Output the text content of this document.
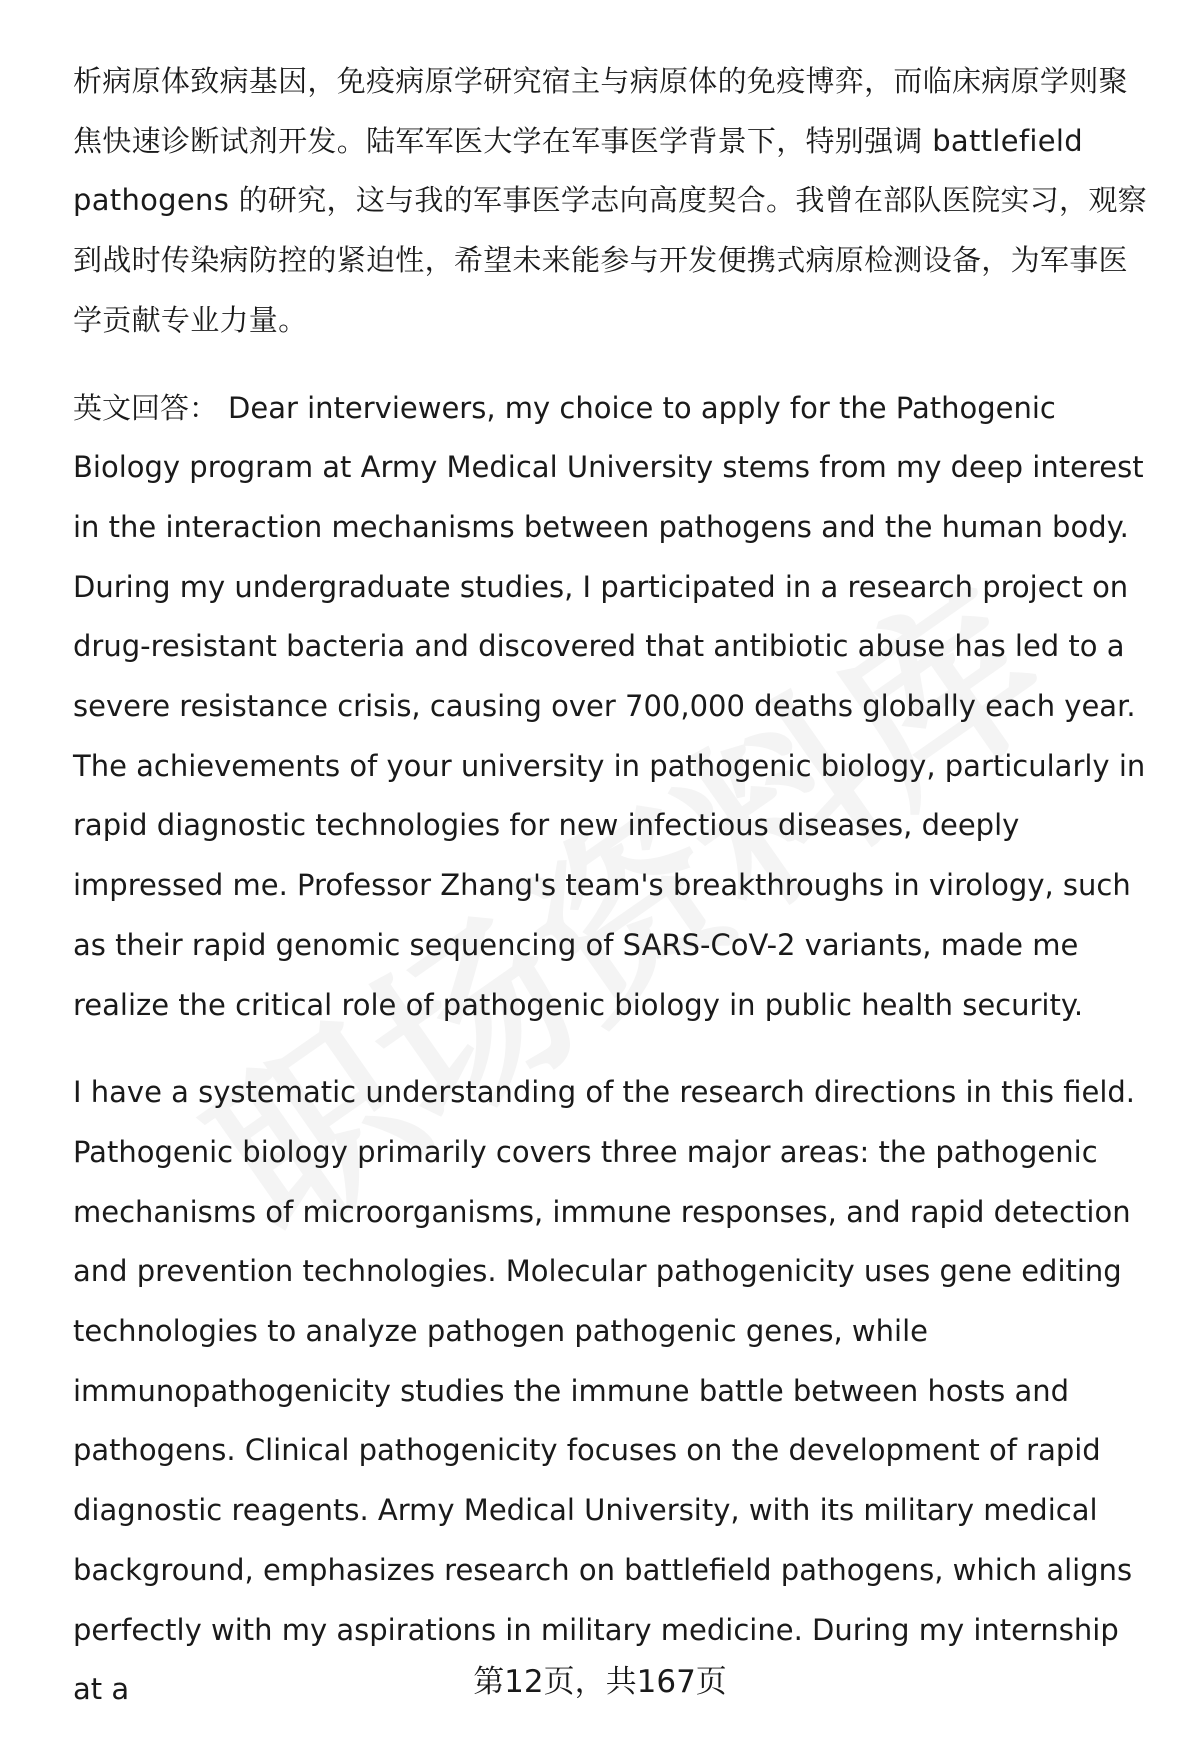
析病原体致病基因，免疫病原学研究宿主与病原体的免疫博弈，而临床病原学则聚焦快速诊断试剂开发。陆军军医大学在军事医学背景下，特别强调 battlefield pathogens 的研究，这与我的军事医学志向高度契合。我曾在部队医院实习，观察到战时传染病防控的紧迫性，希望未来能参与开发便携式病原检测设备，为军事医学贡献专业力量。

英文回答： Dear interviewers, my choice to apply for the Pathogenic Biology program at Army Medical University stems from my deep interest in the interaction mechanisms between pathogens and the human body. During my undergraduate studies, I participated in a research project on drug-resistant bacteria and discovered that antibiotic abuse has led to a severe resistance crisis, causing over 700,000 deaths globally each year. The achievements of your university in pathogenic biology, particularly in rapid diagnostic technologies for new infectious diseases, deeply impressed me. Professor Zhang's team's breakthroughs in virology, such as their rapid genomic sequencing of SARS-CoV-2 variants, made me realize the critical role of pathogenic biology in public health security.

I have a systematic understanding of the research directions in this field. Pathogenic biology primarily covers three major areas: the pathogenic mechanisms of microorganisms, immune responses, and rapid detection and prevention technologies. Molecular pathogenicity uses gene editing technologies to analyze pathogen pathogenic genes, while immunopathogenicity studies the immune battle between hosts and pathogens. Clinical pathogenicity focuses on the development of rapid diagnostic reagents. Army Medical University, with its military medical background, emphasizes research on battlefield pathogens, which aligns perfectly with my aspirations in military medicine. During my internship at a	第12页，共167页
